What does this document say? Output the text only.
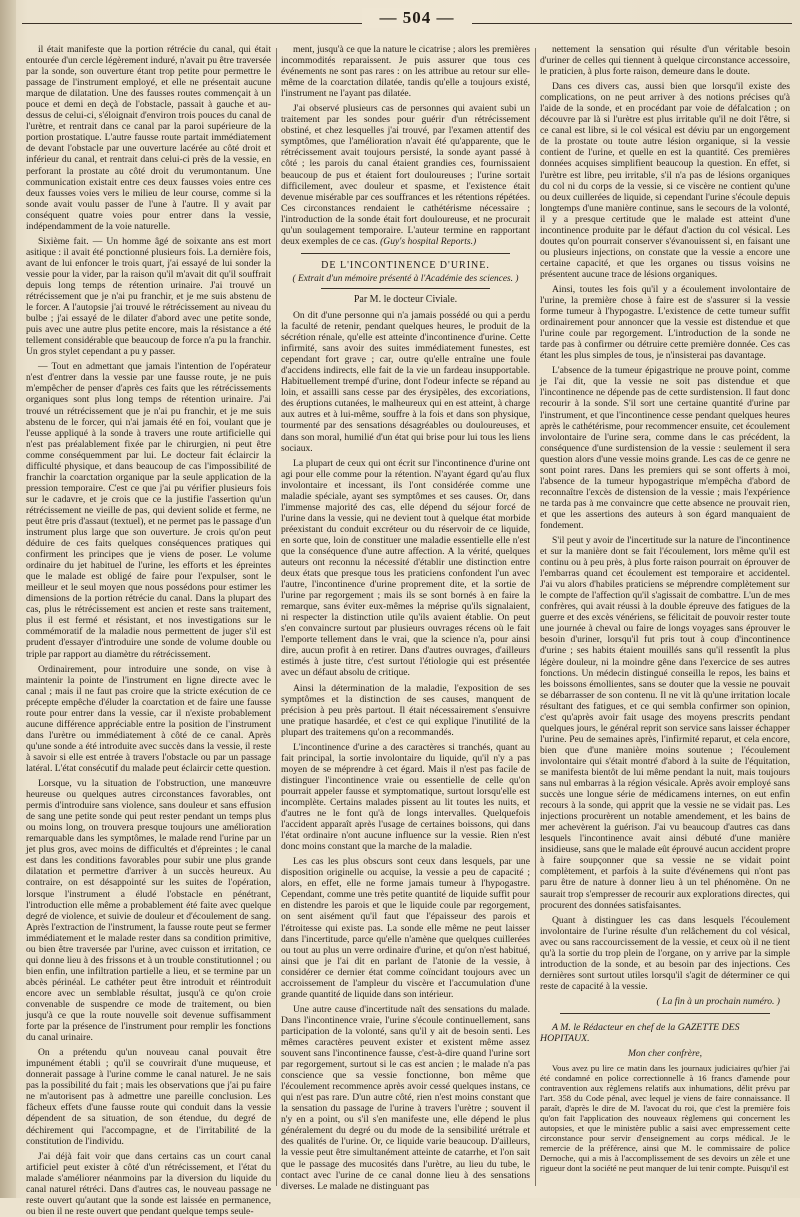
— 504 —

il était manifeste que la portion rétrécie du canal, qui était entourée d'un cercle légèrement induré, n'avait pu être traversée par la sonde, son ouverture étant trop petite pour permettre le passage de l'instrument employé, et elle ne présentait aucune marque de dilatation. Une des fausses routes commençait à un pouce et demi en deçà de l'obstacle, passait à gauche et au-dessus de celui-ci, s'éloignait d'environ trois pouces du canal de l'urètre, et rentrait dans ce canal par la paroi supérieure de la portion prostatique. L'autre fausse route partait immédiatement de devant l'obstacle par une ouverture lacérée au côté droit et inférieur du canal, et rentrait dans celui-ci près de la vessie, en perforant la prostate au côté droit du verumontanum. Une communication existait entre ces deux fausses voies entre ces deux fausses voies vers le milieu de leur course, comme si la sonde avait voulu passer de l'une à l'autre. Il y avait par conséquent quatre voies pour entrer dans la vessie, indépendamment de la voie naturelle.

Sixième fait. — Un homme âgé de soixante ans est mort asitique : il avait été ponctionné plusieurs fois. La dernière fois, avant de lui enfoncer le trois quart, j'ai essayé de lui sonder la vessie pour la vider, par la raison qu'il m'avait dit qu'il souffrait depuis long temps de rétention urinaire. J'ai trouvé un rétrécissement que je n'ai pu franchir, et je me suis abstenu de le forcer. A l'autopsie j'ai trouvé le rétrécissement au niveau du bulbe ; j'ai essayé de le dilater d'abord avec une petite sonde, puis avec une autre plus petite encore, mais la résistance a été tellement considérable que beaucoup de force n'a pu la franchir. Un gros stylet cependant a pu y passer.

— Tout en admettant que jamais l'intention de l'opérateur n'est d'entrer dans la vessie par une fausse route, je ne puis m'empêcher de penser d'après ces faits que les rétrécissements organiques sont plus long temps de rétention urinaire. J'ai trouvé un rétrécissement que je n'ai pu franchir, et je me suis abstenu de le forcer, qui n'ai jamais été en foi, voulant que je l'eusse appliqué à la sonde à travers une route artificielle qui n'est pas préalablement fixée par le chirurgien, ni peut être comme conséquemment par lui. Le docteur fait éclaircir la difficulté physique, et dans beaucoup de cas l'impossibilité de franchir la coarctation organique par la seule application de la pression temporaire. C'est ce que j'ai pu vérifier plusieurs fois sur le cadavre, et je crois que ce la justifie l'assertion qu'un rétrécissement ne vieille de pas, qui devient solide et ferme, ne peut être pris d'assaut (textuel), et ne permet pas le passage d'un instrument plus large que son ouverture. Je crois qu'on peut déduire de ces faits quelques conséquences pratiques qui confirment les principes que je viens de poser. Le volume ordinaire du jet habituel de l'urine, les efforts et les épreintes que le malade est obligé de faire pour l'expulser, sont le meilleur et le seul moyen que nous possédons pour estimer les dimensions de la portion rétrécie du canal. Dans la plupart des cas, plus le rétrécissement est ancien et reste sans traitement, plus il est fermé et résistant, et nos investigations sur le commémoratif de la maladie nous permettent de juger s'il est prudent d'essayer d'introduire une sonde de volume double ou triple par rapport au diamètre du rétrécissement.

Ordinairement, pour introduire une sonde, on vise à maintenir la pointe de l'instrument en ligne directe avec le canal ; mais il ne faut pas croire que la stricte exécution de ce précepte empêche d'éluder la coarctation et de faire une fausse route pour entrer dans la vessie, car il n'existe probablement aucune différence appréciable entre la position de l'instrument dans l'urètre ou immédiatement à côté de ce canal. Après qu'une sonde a été introduite avec succès dans la vessie, il reste à savoir si elle est entrée à travers l'obstacle ou par un passage latéral. L'état consécutif du malade peut éclaircir cette question.

Lorsque, vu la situation de l'obstruction, une manœuvre heureuse ou quelques autres circonstances favorables, ont permis d'introduire sans violence, sans douleur et sans effusion de sang une petite sonde qui peut rester pendant un temps plus ou moins long, on trouvera presque toujours une amélioration remarquable dans les symptômes, le malade rend l'urine par un jet plus gros, avec moins de difficultés et d'épreintes ; le canal est dans les conditions favorables pour subir une plus grande dilatation et permettre d'arriver à un succès heureux. Au contraire, on est désappointé sur les suites de l'opération, lorsque l'instrument a éludé l'obstacle en pénétrant, l'introduction elle même a probablement été faite avec quelque degré de violence, et suivie de douleur et d'écoulement de sang. Après l'extraction de l'instrument, la fausse route peut se fermer immédiatement et le malade rester dans sa condition primitive, ou bien être traversée par l'urine, avec cuisson et irritation, ce qui donne lieu à des frissons et à un trouble constitutionnel ; ou bien enfin, une infiltration partielle a lieu, et se termine par un abcès périnéal. Le cathéter peut être introduit et réintroduit encore avec un semblable résultat, jusqu'à ce qu'on croie convenable de suspendre ce mode de traitement, ou bien jusqu'à ce que la route nouvelle soit devenue suffisamment forte par la présence de l'instrument pour remplir les fonctions du canal urinaire.

On a prétendu qu'un nouveau canal pouvait être impunément établi ; qu'il se couvrirait d'une muqueuse, et donnerait passage à l'urine comme le canal naturel. Je ne sais pas la possibilité du fait ; mais les observations que j'ai pu faire ne m'autorisent pas à admettre une pareille conclusion. Les fâcheux effets d'une fausse route qui conduit dans la vessie dépendent de sa situation, de son étendue, du degré de déchirement qui l'accompagne, et de l'irritabilité de la constitution de l'individu.

J'ai déjà fait voir que dans certains cas un court canal artificiel peut exister à côté d'un rétrécissement, et l'état du malade s'améliorer néanmoins par la diversion du liquide du canal naturel rétréci. Dans d'autres cas, le nouveau passage ne reste ouvert qu'autant que la sonde est laissée en permanence, ou bien il ne reste ouvert que pendant quelque temps seule-

ment, jusqu'à ce que la nature le cicatrise ; alors les premières incommodités reparaissent. Je puis assurer que tous ces événements ne sont pas rares : on les attribue au retour sur elle-même de la coarctation dilatée, tandis qu'elle a toujours existé, l'instrument ne l'ayant pas dilatée.

J'ai observé plusieurs cas de personnes qui avaient subi un traitement par les sondes pour guérir d'un rétrécissement obstiné, et chez lesquelles j'ai trouvé, par l'examen attentif des symptômes, que l'amélioration n'avait été qu'apparente, que le rétrécissement avait toujours persisté, la sonde ayant passé à côté ; les parois du canal étaient grandies ces, fournissaient beaucoup de pus et étaient fort douloureuses ; l'urine sortait difficilement, avec douleur et spasme, et l'existence était devenue misérable par ces souffrances et les rétentions répétées. Ces circonstances rendaient le cathétérisme nécessaire ; l'introduction de la sonde était fort douloureuse, et ne procurait qu'un soulagement temporaire. L'auteur termine en rapportant deux exemples de ce cas. (Guy's hospital Reports.)

DE L'INCONTINENCE D'URINE.
( Extrait d'un mémoire présenté à l'Académie des sciences. )
Par M. le docteur Civiale.

On dit d'une personne qui n'a jamais possédé ou qui a perdu la faculté de retenir, pendant quelques heures, le produit de la sécrétion rénale, qu'elle est atteinte d'incontinence d'urine. Cette infirmité, sans avoir des suites immédiatement funestes, est cependant fort grave ; car, outre qu'elle entraîne une foule d'accidens indirects, elle fait de la vie un fardeau insupportable. Habituellement trempé d'urine, dont l'odeur infecte se répand au loin, et assailli sans cesse par des érysipèles, des excoriations, des éruptions cutanées, le malheureux qui en est atteint, à charge aux autres et à lui-même, souffre à la fois et dans son physique, tourmenté par des sensations désagréables ou douloureuses, et dans son moral, humilié d'un état qui brise pour lui tous les liens sociaux.

La plupart de ceux qui ont écrit sur l'incontinence d'urine ont agi pour elle comme pour la rétention. N'ayant égard qu'au flux involontaire et incessant, ils l'ont considérée comme une maladie spéciale, ayant ses symptômes et ses causes. Or, dans l'immense majorité des cas, elle dépend du séjour forcé de l'urine dans la vessie, qui ne devient tout à quelque état morbide préexistant du conduit excréteur ou du réservoir de ce liquide, en sorte que, loin de constituer une maladie essentielle elle n'est que la conséquence d'une autre affection. A la vérité, quelques auteurs ont reconnu la nécessité d'établir une distinction entre deux états que presque tous les praticiens confondent l'un avec l'autre, l'incontinence d'urine proprement dite, et la sortie de l'urine par regorgement ; mais ils se sont bornés à en faire la remarque, sans éviter eux-mêmes la méprise qu'ils signalaient, ni respecter la distinction utile qu'ils avaient établie. On peut s'en convaincre surtout par plusieurs ouvrages récens où le fait l'emporte tellement dans le vrai, que la science n'a, pour ainsi dire, aucun profit à en retirer. Dans d'autres ouvrages, d'ailleurs estimés à juste titre, c'est surtout l'étiologie qui est présentée avec un défaut absolu de critique.

Ainsi la détermination de la maladie, l'exposition de ses symptômes et la distinction de ses causes, manquent de précision à peu près partout. Il était nécessairement s'ensuivre une pratique hasardée, et c'est ce qui explique l'inutilité de la plupart des traitemens qu'on a recommandés.

L'incontinence d'urine a des caractères si tranchés, quant au fait principal, la sortie involontaire du liquide, qu'il n'y a pas moyen de se méprendre à cet égard. Mais il n'est pas facile de distinguer l'incontinence vraie ou essentielle de celle qu'on pourrait appeler fausse et symptomatique, surtout lorsqu'elle est incomplète. Certains malades pissent au lit toutes les nuits, et d'autres ne le font qu'à de longs intervalles. Quelquefois l'accident apparaît après l'usage de certaines boissons, qui dans l'état ordinaire n'ont aucune influence sur la vessie. Rien n'est donc moins constant que la marche de la maladie.

Les cas les plus obscurs sont ceux dans lesquels, par une disposition originelle ou acquise, la vessie a peu de capacité ; alors, en effet, elle ne forme jamais tumeur à l'hypogastre. Cependant, comme une très petite quantité de liquide suffit pour en distendre les parois et que le liquide coule par regorgement, on sent aisément qu'il faut que l'épaisseur des parois et l'étroitesse qui existe pas. La sonde elle même ne peut laisser dans l'incertitude, parce qu'elle n'amène que quelques cuillerées ou tout au plus un verre ordinaire d'urine, et qu'on n'est habitué, ainsi que je l'ai dit en parlant de l'atonie de la vessie, à considérer ce dernier état comme coïncidant toujours avec un accroissement de l'ampleur du viscère et l'accumulation d'une grande quantité de liquide dans son intérieur.

Une autre cause d'incertitude naît des sensations du malade. Dans l'incontinence vraie, l'urine s'écoule continuellement, sans participation de la volonté, sans qu'il y ait de besoin senti. Les mêmes caractères peuvent exister et existent même assez souvent sans l'incontinence fausse, c'est-à-dire quand l'urine sort par regorgement, surtout si le cas est ancien ; le malade n'a pas conscience que sa vessie fonctionne, bon même que l'écoulement recommence après avoir cessé quelques instans, ce qui n'est pas rare. D'un autre côté, rien n'est moins constant que la sensation du passage de l'urine à travers l'urètre ; souvent il n'y en a point, ou s'il s'en manifeste une, elle dépend le plus généralement du degré ou du mode de la sensibilité urétrale et des qualités de l'urine. Or, ce liquide varie beaucoup. D'ailleurs, la vessie peut être simultanément atteinte de catarrhe, et l'on sait que le passage des mucosités dans l'urètre, au lieu du tube, le contact avec l'urine de ce canal donne lieu à des sensations diverses. Le malade ne distinguant pas

nettement la sensation qui résulte d'un véritable besoin d'uriner de celles qui tiennent à quelque circonstance accessoire, le praticien, à plus forte raison, demeure dans le doute.

Dans ces divers cas, aussi bien que lorsqu'il existe des complications, on ne peut arriver à des notions précises qu'à l'aide de la sonde, et en procédant par voie de défalcation ; on découvre par là si l'urètre est plus irritable qu'il ne doit l'être, si ce canal est libre, si le col vésical est déviu par un engorgement de la prostate ou toute autre lésion organique, si la vessie contient de l'urine, et quelle en est la quantité. Ces premières données acquises simplifient beaucoup la question. En effet, si l'urètre est libre, peu irritable, s'il n'a pas de lésions organiques du col ni du corps de la vessie, si ce viscère ne contient qu'une ou deux cuillerées de liquide, si cependant l'urine s'écoule depuis longtemps d'une manière continue, sans le secours de la volonté, il y a presque certitude que le malade est atteint d'une incontinence produite par le défaut d'action du col vésical. Les doutes qu'on pourrait conserver s'évanouissent si, en faisant une ou plusieurs injections, on constate que la vessie a encore une certaine capacité, et que les organes ou tissus voisins ne présentent aucune trace de lésions organiques.

Ainsi, toutes les fois qu'il y a écoulement involontaire de l'urine, la première chose à faire est de s'assurer si la vessie forme tumeur à l'hypogastre. L'existence de cette tumeur suffit ordinairement pour annoncer que la vessie est distendue et que l'urine coule par regorgement. L'introduction de la sonde ne tarde pas à confirmer ou détruire cette première donnée. Ces cas étant les plus simples de tous, je n'insisterai pas davantage.

L'absence de la tumeur épigastrique ne prouve point, comme je l'ai dit, que la vessie ne soit pas distendue et que l'incontinence ne dépende pas de cette surdistension. Il faut donc recourir à la sonde. S'il sort une certaine quantité d'urine par l'instrument, et que l'incontinence cesse pendant quelques heures après le cathétérisme, pour recommencer ensuite, cet écoulement involontaire de l'urine sera, comme dans le cas précédent, la conséquence d'une surdistension de la vessie : seulement il sera question alors d'une vessie moins grande. Les cas de ce genre ne sont point rares. Dans les premiers qui se sont offerts à moi, l'absence de la tumeur hypogastrique m'empêcha d'abord de reconnaître l'excès de distension de la vessie ; mais l'expérience ne tarda pas à me convaincre que cette absence ne prouvait rien, et que les assertions des auteurs à son égard manquaient de fondement.

S'il peut y avoir de l'incertitude sur la nature de l'incontinence et sur la manière dont se fait l'écoulement, lors même qu'il est continu ou à peu près, à plus forte raison pourrait on éprouver de l'embarras quand cet écoulement est temporaire et accidentel. J'ai vu alors d'habiles praticiens se méprendre complètement sur le compte de l'affection qu'il s'agissait de combattre. L'un de mes confrères, qui avait réussi à la double épreuve des fatigues de la guerre et des excès vénériens, se félicitait de pouvoir rester toute une journée à cheval ou faire de longs voyages sans éprouver le besoin d'uriner, lorsqu'il fut pris tout à coup d'incontinence d'urine ; ses habits étaient mouillés sans qu'il ressentît la plus légère douleur, ni la moindre gêne dans l'exercice de ses autres fonctions. Un médecin distingué conseilla le repos, les bains et les boissons émollientes, sans se douter que la vessie ne pouvait se débarrasser de son contenu. Il ne vit là qu'une irritation locale résultant des fatigues, et ce qui sembla confirmer son opinion, c'est qu'après avoir fait usage des moyens prescrits pendant quelques jours, le général reprit son service sans laisser échapper l'urine. Peu de semaines après, l'infirmité reparut, et cela encore, bien que d'une manière moins soutenue ; l'écoulement involontaire qui s'était montré d'abord à la suite de l'équitation, se manifesta bientôt de lui même pendant la nuit, mais toujours sans nul embarras à la région vésicale. Après avoir employé sans succès une longue série de médicamens internes, on eut enfin recours à la sonde, qui apprit que la vessie ne se vidait pas. Les injections procurèrent un notable amendement, et les bains de mer achevèrent la guérison. J'ai vu beaucoup d'autres cas dans lesquels l'incontinence avait ainsi débuté d'une manière insidieuse, sans que le malade eût éprouvé aucun accident propre à faire soupçonner que sa vessie ne se vidait point complètement, et parfois à la suite d'événemens qui n'ont pas paru être de nature à donner lieu à un tel phénomène. On ne saurait trop s'empresser de recourir aux explorations directes, qui procurent des données satisfaisantes.

Quant à distinguer les cas dans lesquels l'écoulement involontaire de l'urine résulte d'un relâchement du col vésical, avec ou sans raccourcissement de la vessie, et ceux où il ne tient qu'à la sortie du trop plein de l'organe, on y arrive par la simple introduction de la sonde, et au besoin par des injections. Ces dernières sont surtout utiles lorsqu'il s'agit de déterminer ce qui reste de capacité à la vessie.

( La fin à un prochain numéro. )
A M. le Rédacteur en chef de la GAZETTE DES HOPITAUX.
Mon cher confrère,

Vous avez pu lire ce matin dans les journaux judiciaires qu'hier j'ai été condamné en police correctionnelle à 16 francs d'amende pour contravention aux règlemens relatifs aux inhumations, délit prévu par l'art. 358 du Code pénal, avec lequel je viens de faire connaissance. Il paraît, d'après le dire de M. l'avocat du roi, que c'est la première fois qu'on fait l'application des nouveaux règlemens qui concernent les autopsies, et que le ministère public a saisi avec empressement cette circonstance pour servir d'enseignement au corps médical. Je le remercie de la préférence, ainsi que M. le commissaire de police Dernoche, qui a mis à l'accomplissement de ses devoirs un zèle et une rigueur dont la société ne peut manquer de lui tenir compte. Puisqu'il est
